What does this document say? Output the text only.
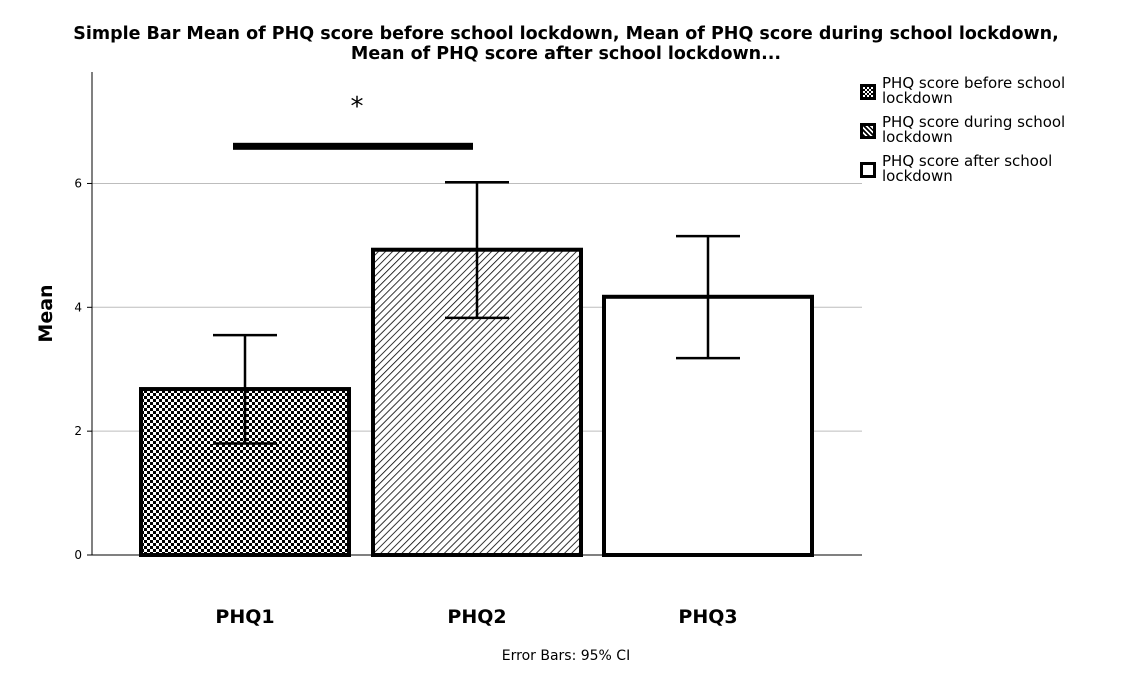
Simple Bar Mean of PHQ score before school lockdown, Mean of PHQ score during school lockdown,
Mean of PHQ score after school lockdown...
0
2
4
6
PHQ1	PHQ2	PHQ3
Mean
*
PHQ score before school lockdown
PHQ score during school lockdown
PHQ score after school lockdown
Error Bars: 95% CI
